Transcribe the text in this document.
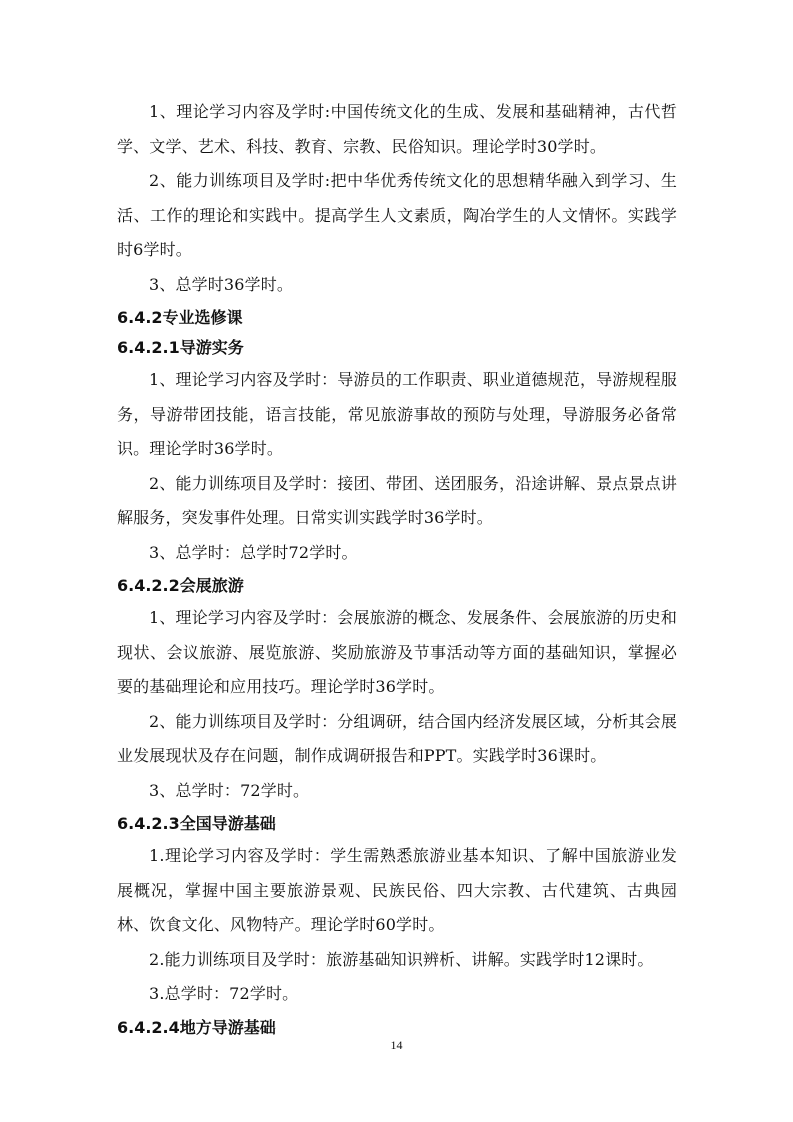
1、理论学习内容及学时:中国传统文化的生成、发展和基础精神，古代哲学、文学、艺术、科技、教育、宗教、民俗知识。理论学时30学时。

2、能力训练项目及学时:把中华优秀传统文化的思想精华融入到学习、生活、工作的理论和实践中。提高学生人文素质，陶冶学生的人文情怀。实践学时6学时。

3、总学时36学时。

6.4.2专业选修课
6.4.2.1导游实务

1、理论学习内容及学时：导游员的工作职责、职业道德规范，导游规程服务，导游带团技能，语言技能，常见旅游事故的预防与处理，导游服务必备常识。理论学时36学时。

2、能力训练项目及学时：接团、带团、送团服务，沿途讲解、景点景点讲解服务，突发事件处理。日常实训实践学时36学时。

3、总学时：总学时72学时。

6.4.2.2会展旅游

1、理论学习内容及学时：会展旅游的概念、发展条件、会展旅游的历史和现状、会议旅游、展览旅游、奖励旅游及节事活动等方面的基础知识，掌握必要的基础理论和应用技巧。理论学时36学时。

2、能力训练项目及学时：分组调研，结合国内经济发展区域，分析其会展业发展现状及存在问题，制作成调研报告和PPT。实践学时36课时。

3、总学时：72学时。

6.4.2.3全国导游基础

1.理论学习内容及学时：学生需熟悉旅游业基本知识、了解中国旅游业发展概况，掌握中国主要旅游景观、民族民俗、四大宗教、古代建筑、古典园林、饮食文化、风物特产。理论学时60学时。

2.能力训练项目及学时：旅游基础知识辨析、讲解。实践学时12课时。

3.总学时：72学时。

6.4.2.4地方导游基础
14
